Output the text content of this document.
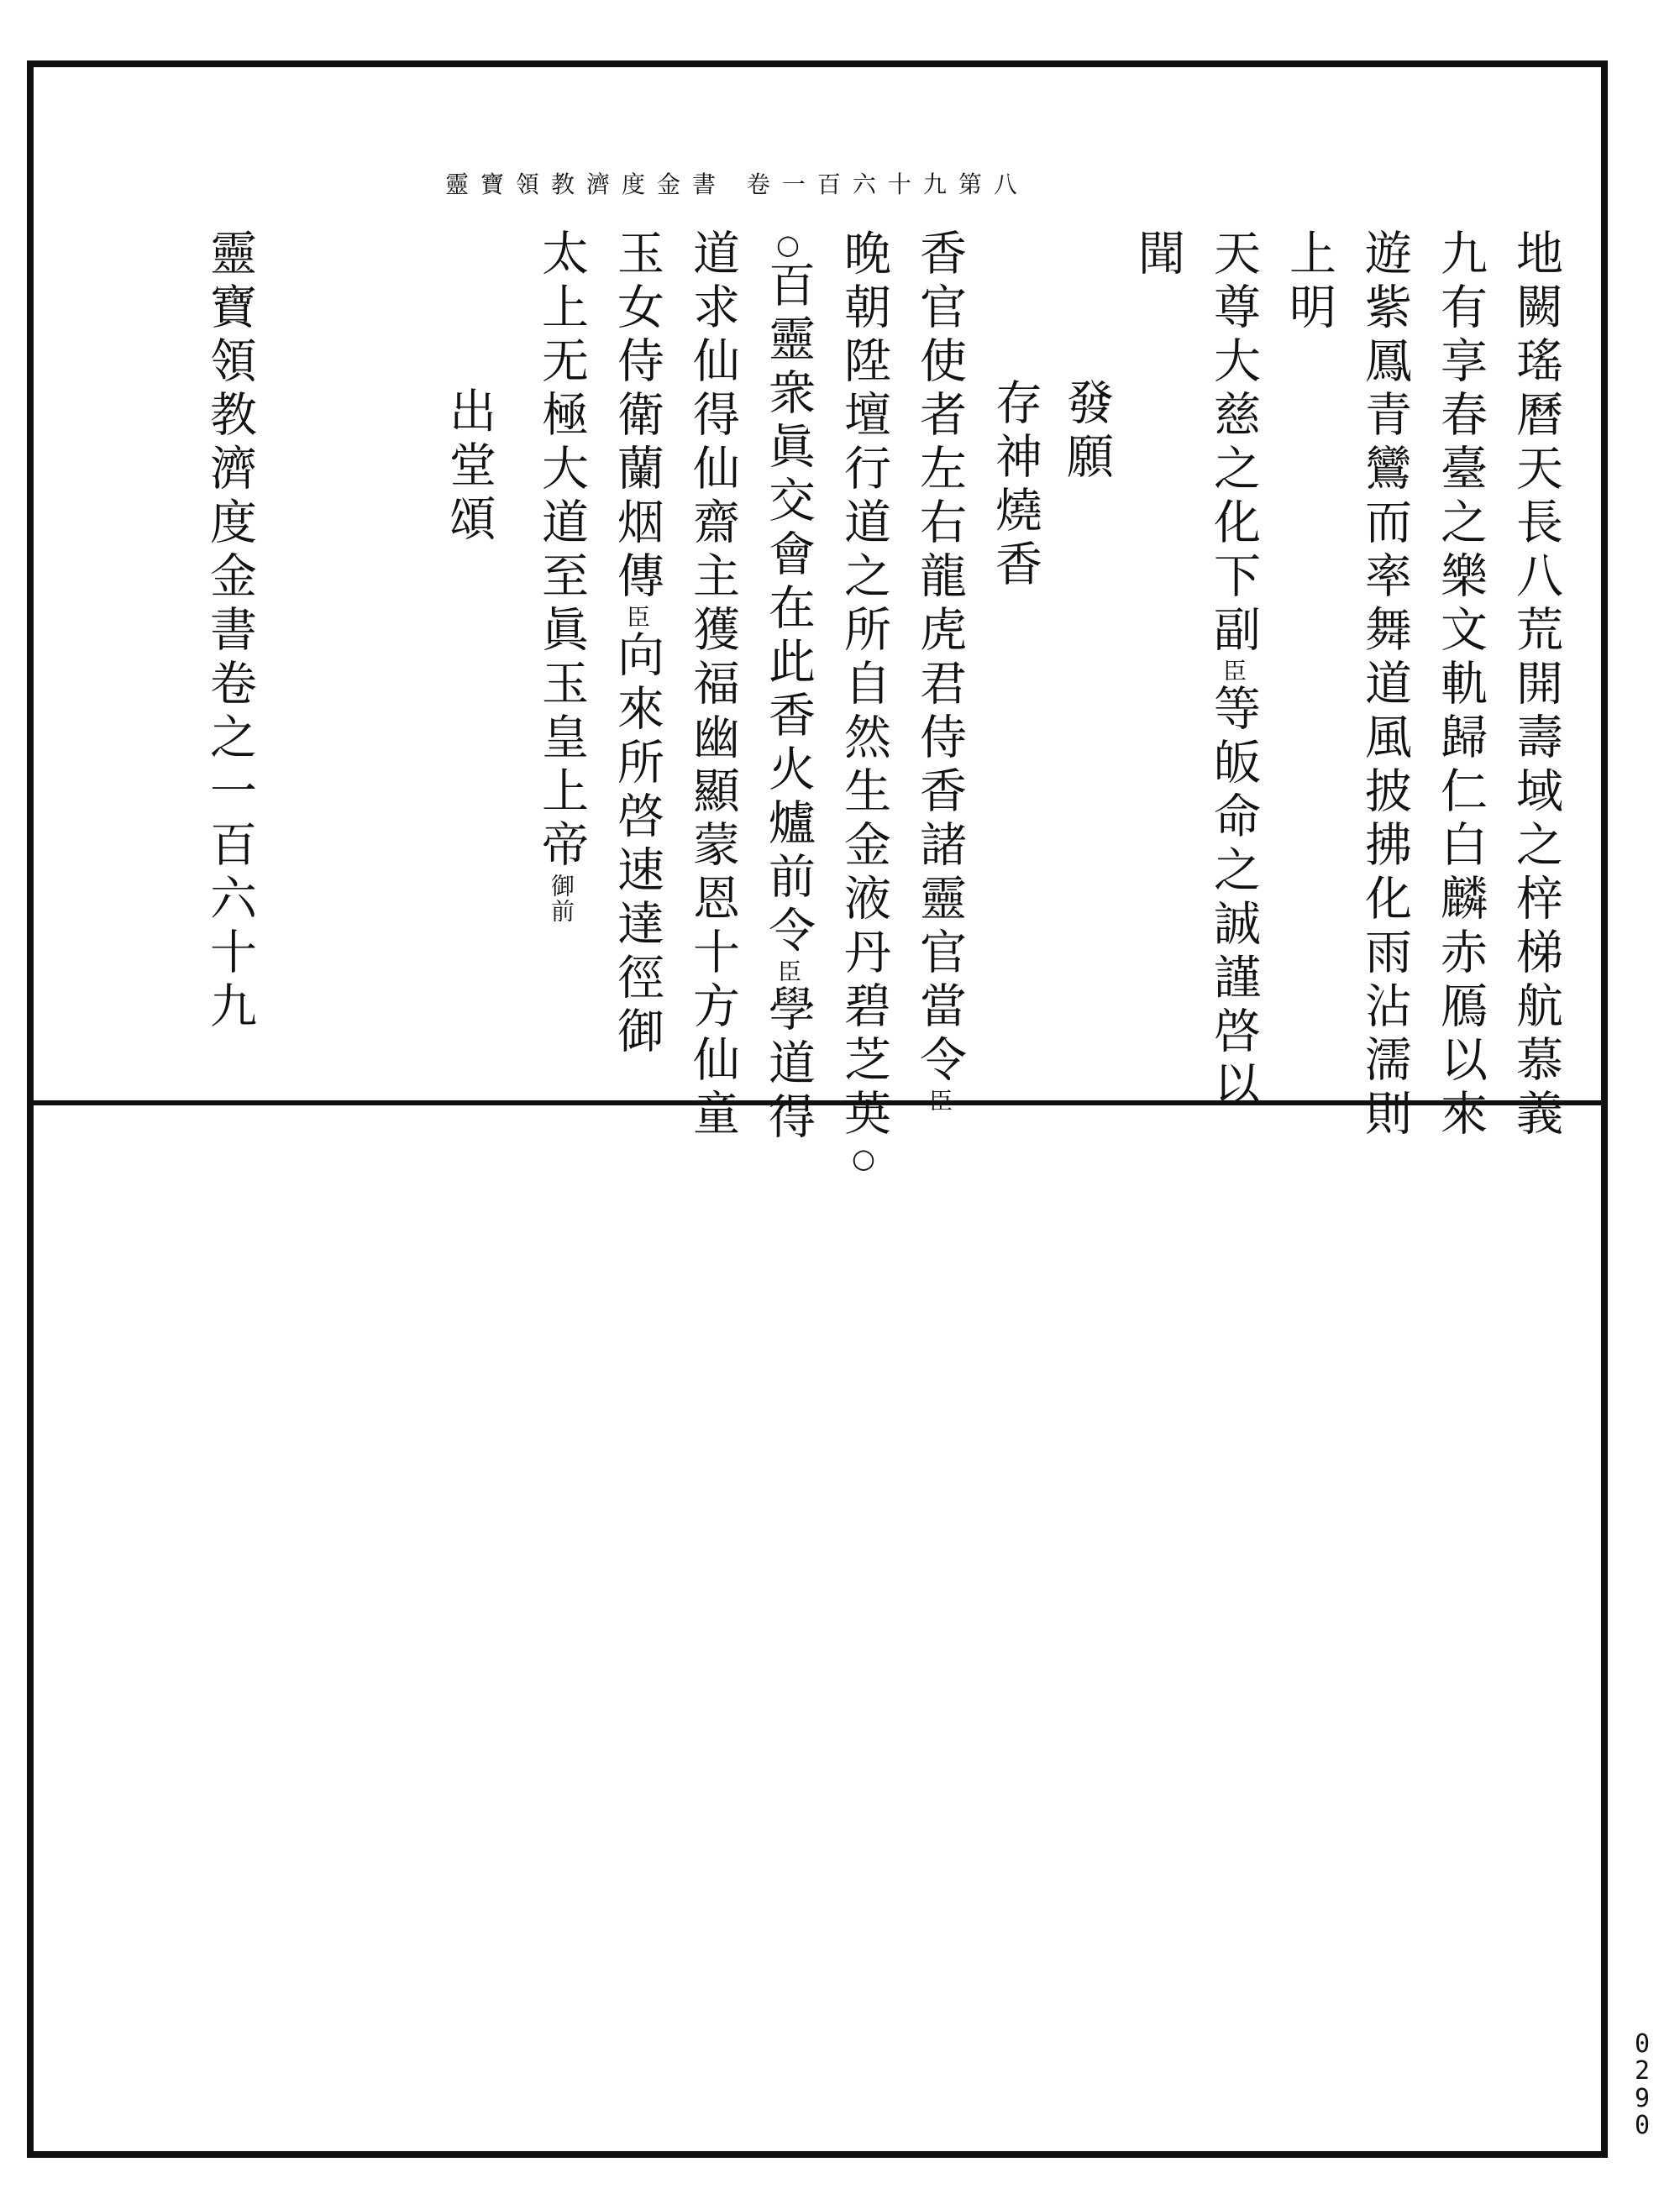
靈寶領教濟度金書 卷一百六十九第八
地闕瑤曆天長八荒開壽域之梓梯航慕義
九有享春臺之樂文軌歸仁白麟赤鴈以來
遊紫鳳青鸞而率舞道風披拂化雨沾濡則
上明
天尊大慈之化下副臣等皈命之誠謹啓以
聞
發願
存神燒香
香官使者左右龍虎君侍香諸靈官當令臣
晚朝陞壇行道之所自然生金液丹碧芝英○
○百靈衆眞交會在此香火爐前令臣學道得
道求仙得仙齋主獲福幽顯蒙恩十方仙童
玉女侍衛蘭烟傳臣向來所啓速達徑御
太上无極大道至眞玉皇上帝御前
出堂頌
靈寶領教濟度金書卷之一百六十九
0290
